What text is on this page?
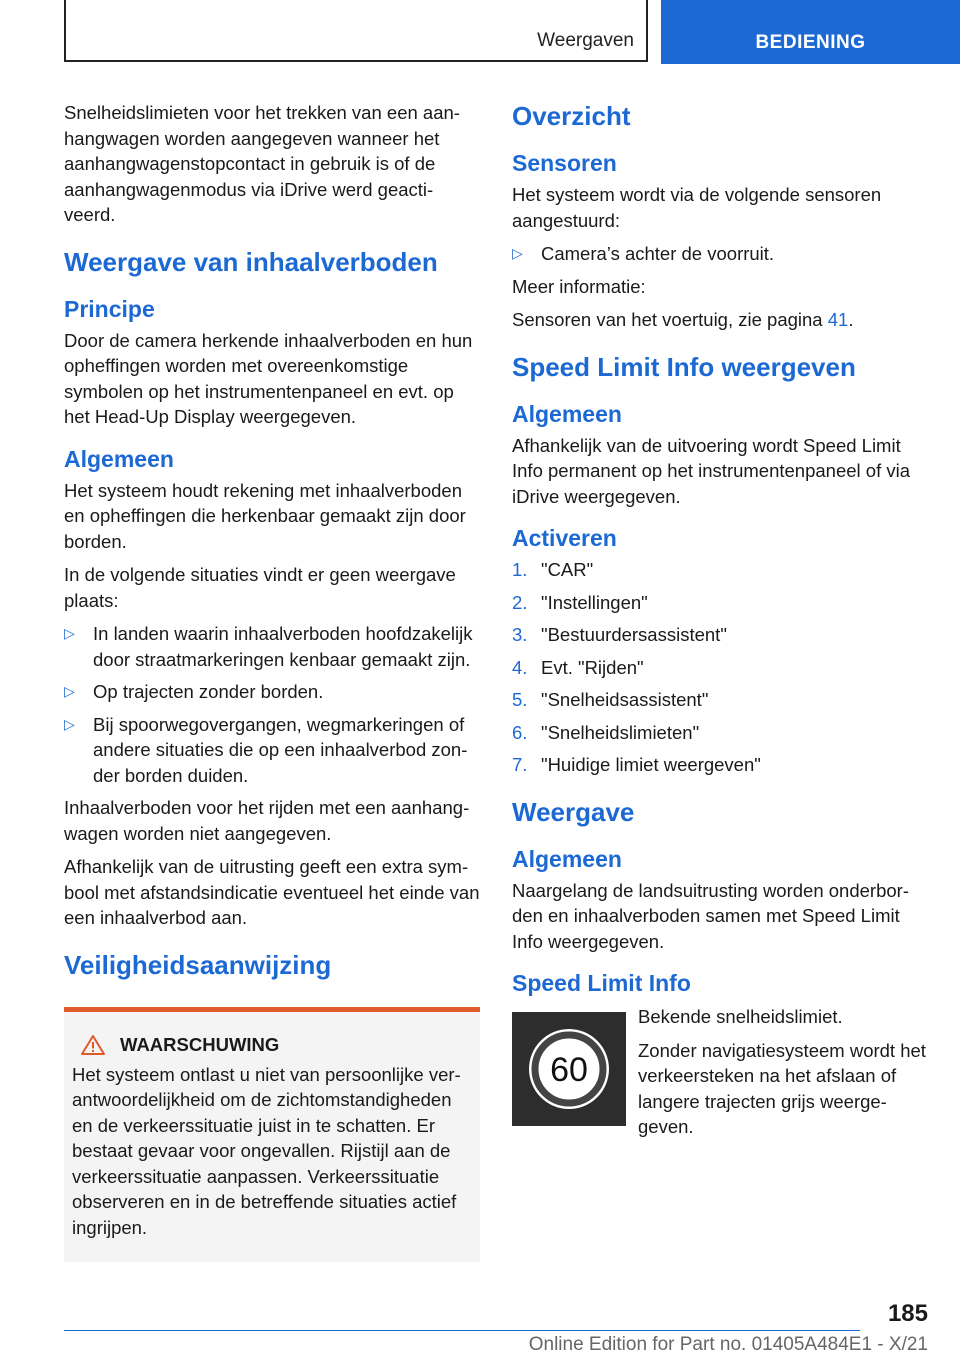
Weergaven	BEDIENING

Snelheidslimieten voor het trekken van een aan-hangwagen worden aangegeven wanneer het aanhangwagenstopcontact in gebruik is of de aanhangwagenmodus via iDrive werd geacti-veerd.

Weergave van inhaalverboden
Principe

Door de camera herkende inhaalverboden en hun opheffingen worden met overeenkomstige symbolen op het instrumentenpaneel en evt. op het Head-Up Display weergegeven.

Algemeen

Het systeem houdt rekening met inhaalverboden en opheffingen die herkenbaar gemaakt zijn door borden.

In de volgende situaties vindt er geen weergave plaats:

▷ In landen waarin inhaalverboden hoofdzakelijk door straatmarkeringen kenbaar gemaakt zijn.
▷ Op trajecten zonder borden.
▷ Bij spoorwegovergangen, wegmarkeringen of andere situaties die op een inhaalverbod zon-der borden duiden.

Inhaalverboden voor het rijden met een aanhang-wagen worden niet aangegeven.

Afhankelijk van de uitrusting geeft een extra sym-bool met afstandsindicatie eventueel het einde van een inhaalverbod aan.

Veiligheidsaanwijzing
WAARSCHUWING

Het systeem ontlast u niet van persoonlijke ver-antwoordelijkheid om de zichtomstandigheden en de verkeerssituatie juist in te schatten. Er bestaat gevaar voor ongevallen. Rijstijl aan de verkeerssituatie aanpassen. Verkeerssituatie observeren en in de betreffende situaties actief ingrijpen.

Overzicht
Sensoren

Het systeem wordt via de volgende sensoren aangestuurd:

▷ Camera’s achter de voorruit.

Meer informatie:

Sensoren van het voertuig, zie pagina 41.

Speed Limit Info weergeven
Algemeen

Afhankelijk van de uitvoering wordt Speed Limit Info permanent op het instrumentenpaneel of via iDrive weergegeven.

Activeren
1. "CAR"
2. "Instellingen"
3. "Bestuurdersassistent"
4. Evt. "Rijden"
5. "Snelheidsassistent"
6. "Snelheidslimieten"
7. "Huidige limiet weergeven"
Weergave
Algemeen

Naargelang de landsuitrusting worden onderbor-den en inhaalverboden samen met Speed Limit Info weergegeven.

Speed Limit Info
60

Bekende snelheidslimiet.

Zonder navigatiesysteem wordt het verkeersteken na het afslaan of langere trajecten grijs weerge-geven.

185
Online Edition for Part no. 01405A484E1 - X/21
